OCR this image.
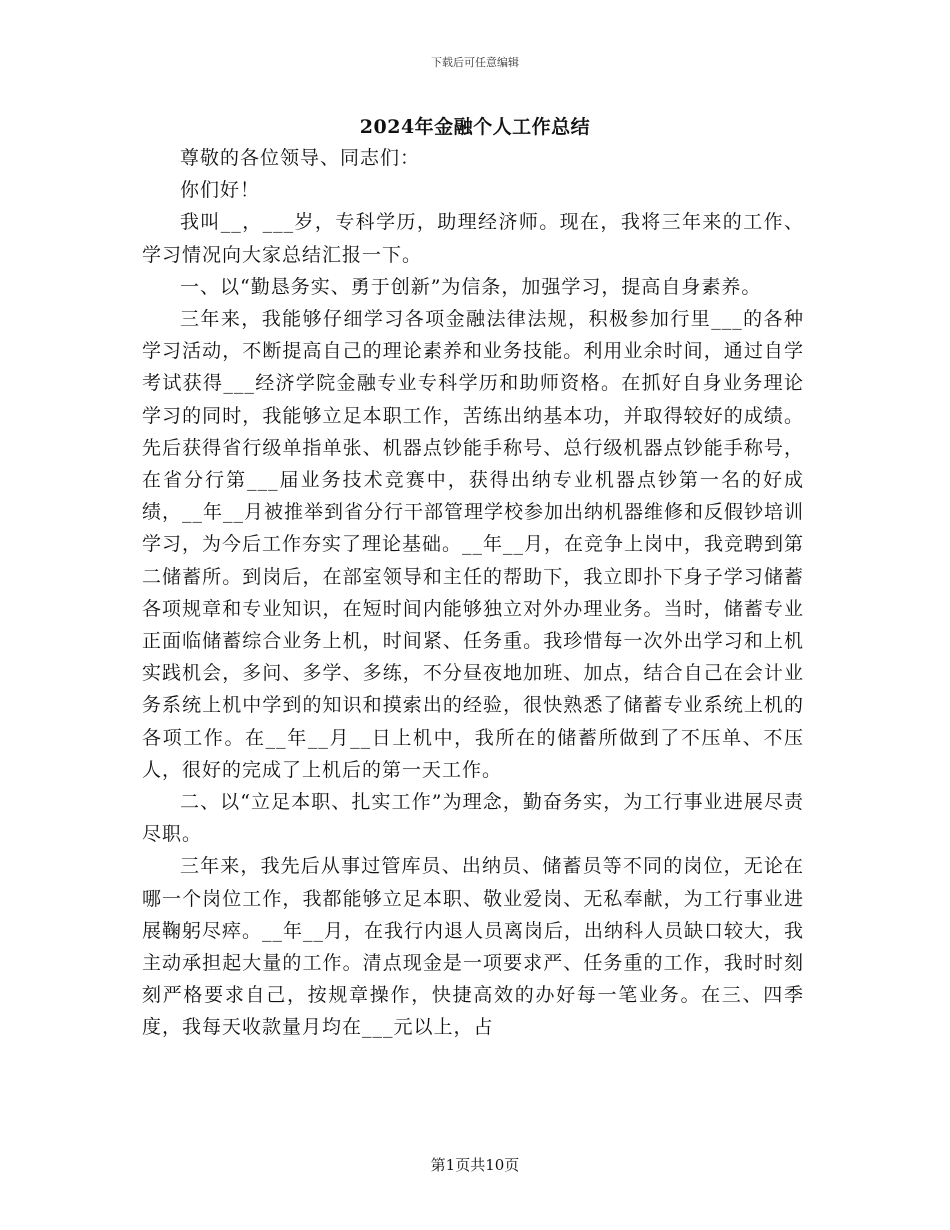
下载后可任意编辑
2024年金融个人工作总结

尊敬的各位领导、同志们：

你们好！

我叫__，___岁，专科学历，助理经济师。现在，我将三年来的工作、学习情况向大家总结汇报一下。

一、以“勤恳务实、勇于创新”为信条，加强学习，提高自身素养。

三年来，我能够仔细学习各项金融法律法规，积极参加行里___的各种学习活动，不断提高自己的理论素养和业务技能。利用业余时间，通过自学考试获得___经济学院金融专业专科学历和助师资格。在抓好自身业务理论学习的同时，我能够立足本职工作，苦练出纳基本功，并取得较好的成绩。先后获得省行级单指单张、机器点钞能手称号、总行级机器点钞能手称号，在省分行第___届业务技术竞赛中，获得出纳专业机器点钞第一名的好成绩，__年__月被推举到省分行干部管理学校参加出纳机器维修和反假钞培训学习，为今后工作夯实了理论基础。__年__月，在竞争上岗中，我竞聘到第二储蓄所。到岗后，在部室领导和主任的帮助下，我立即扑下身子学习储蓄各项规章和专业知识，在短时间内能够独立对外办理业务。当时，储蓄专业正面临储蓄综合业务上机，时间紧、任务重。我珍惜每一次外出学习和上机实践机会，多问、多学、多练，不分昼夜地加班、加点，结合自己在会计业务系统上机中学到的知识和摸索出的经验，很快熟悉了储蓄专业系统上机的各项工作。在__年__月__日上机中，我所在的储蓄所做到了不压单、不压人，很好的完成了上机后的第一天工作。

二、以“立足本职、扎实工作”为理念，勤奋务实，为工行事业进展尽责尽职。

三年来，我先后从事过管库员、出纳员、储蓄员等不同的岗位，无论在哪一个岗位工作，我都能够立足本职、敬业爱岗、无私奉献，为工行事业进展鞠躬尽瘁。__年__月，在我行内退人员离岗后，出纳科人员缺口较大，我主动承担起大量的工作。清点现金是一项要求严、任务重的工作，我时时刻刻严格要求自己，按规章操作，快捷高效的办好每一笔业务。在三、四季度，我每天收款量月均在___元以上，占

第1页共10页
